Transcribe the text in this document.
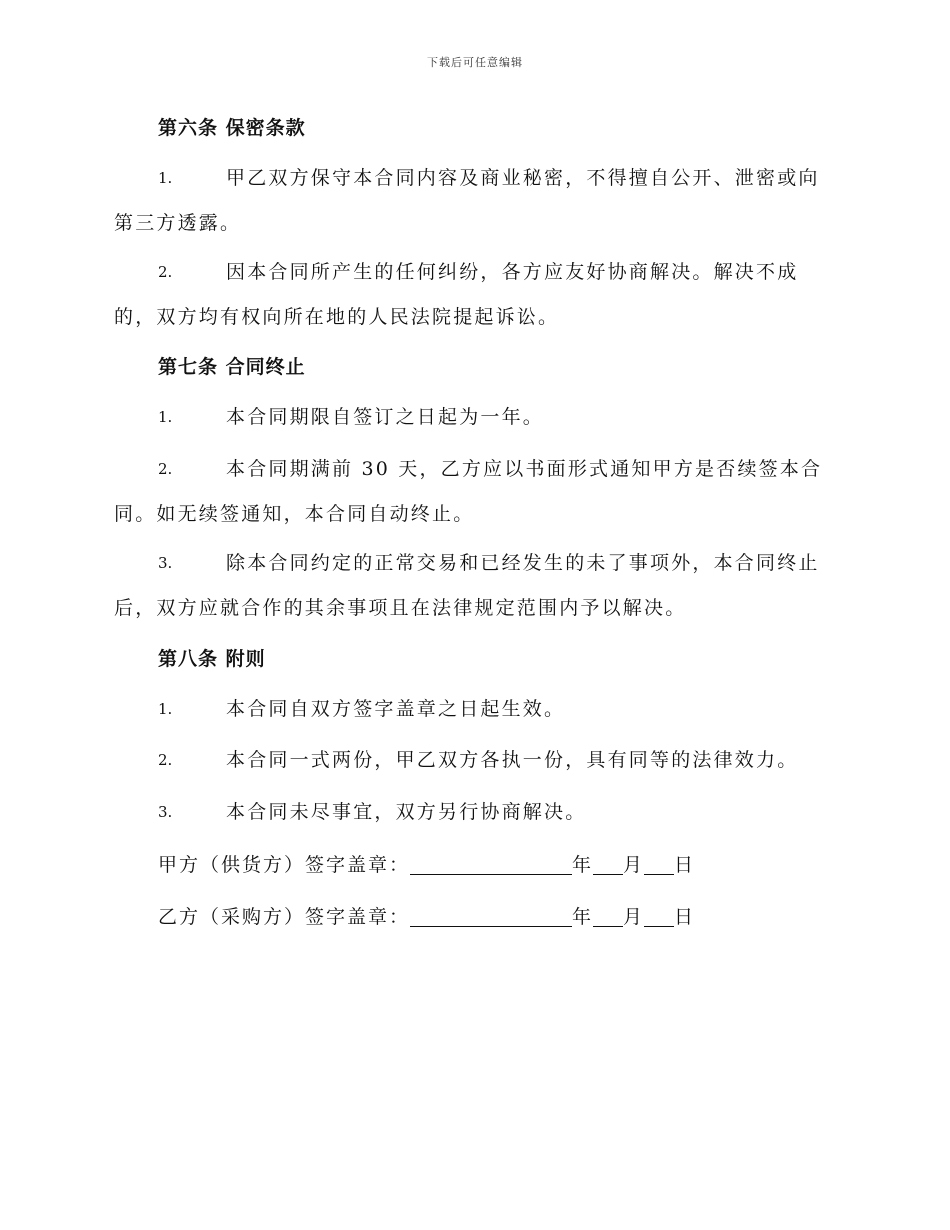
下载后可任意编辑
第六条 保密条款
1.	甲乙双方保守本合同内容及商业秘密，不得擅自公开、泄密或向第三方透露。
2.	因本合同所产生的任何纠纷，各方应友好协商解决。解决不成的，双方均有权向所在地的人民法院提起诉讼。
第七条 合同终止
1.	本合同期限自签订之日起为一年。
2.	本合同期满前 30 天，乙方应以书面形式通知甲方是否续签本合同。如无续签通知，本合同自动终止。
3.	除本合同约定的正常交易和已经发生的未了事项外，本合同终止后，双方应就合作的其余事项且在法律规定范围内予以解决。
第八条 附则
1.	本合同自双方签字盖章之日起生效。
2.	本合同一式两份，甲乙双方各执一份，具有同等的法律效力。
3.	本合同未尽事宜，双方另行协商解决。
甲方（供货方）签字盖章：	年 月 日
乙方（采购方）签字盖章：	年 月 日
